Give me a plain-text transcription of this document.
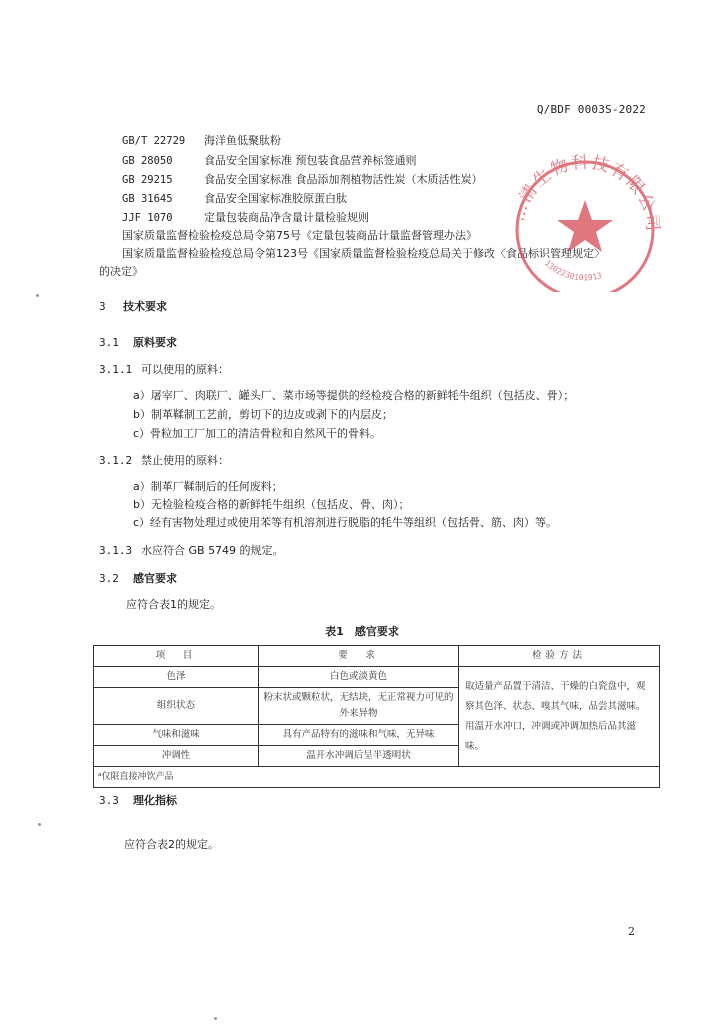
Q/BDF 0003S-2022
GB/T 22729 海洋鱼低聚肽粉
GB 28050	食品安全国家标准 预包装食品营养标签通则
GB 29215	食品安全国家标准 食品添加剂植物活性炭（木质活性炭）
GB 31645	食品安全国家标准胶原蛋白肽
JJF 1070	定量包装商品净含量计量检验规则
国家质量监督检验检疫总局令第75号《定量包装商品计量监督管理办法》
国家质量监督检验检疫总局令第123号《国家质量监督检验检疫总局关于修改〈食品标识管理规定〉
的决定》
3 技术要求
3.1 原料要求
3.1.1 可以使用的原料：
a）屠宰厂、肉联厂、罐头厂、菜市场等提供的经检疫合格的新鲜牦牛组织（包括皮、骨）；
b）制革鞣制工艺前，剪切下的边皮或剥下的内层皮；
c）骨粒加工厂加工的清洁骨粒和自然风干的骨料。
3.1.2 禁止使用的原料：
a）制革厂鞣制后的任何废料；
b）无检验检疫合格的新鲜牦牛组织（包括皮、骨、肉）；
c）经有害物处理过或使用苯等有机溶剂进行脱脂的牦牛等组织（包括骨、筋、肉）等。
3.1.3 水应符合 GB 5749 的规定。
3.2 感官要求
应符合表1的规定。
表1　感官要求
项　目	要　求	检验方法
色泽	白色或淡黄色	取适量产品置于清洁、干燥的白瓷盘中，观察其色泽、状态、嗅其气味，品尝其滋味。用温开水冲口，冲调或冲调加热后品其滋味。
组织状态	粉末状或颗粒状，无结块，无正常视力可见的外来异物	
气味和滋味	具有产品特有的滋味和气味，无异味	
冲调性	温开水冲调后呈半透明状	
ᵃ仅限直接冲饮产品		
3.3 理化指标
应符合表2的规定。
2
…清生物科技有限公司
1302230101913
